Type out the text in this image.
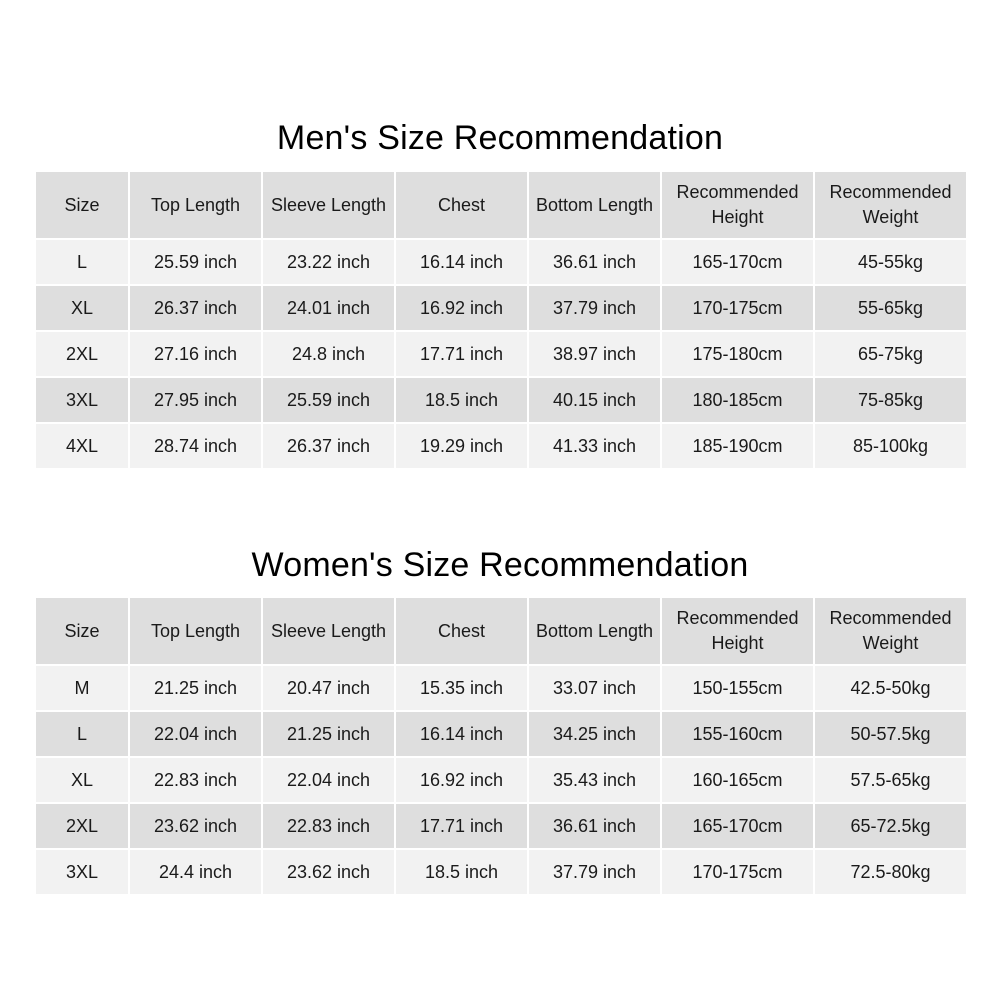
Men's Size Recommendation
Size	Top Length	Sleeve Length	Chest	Bottom Length	Recommended Height	Recommended Weight
L	25.59 inch	23.22 inch	16.14 inch	36.61 inch	165-170cm	45-55kg
XL	26.37 inch	24.01 inch	16.92 inch	37.79 inch	170-175cm	55-65kg
2XL	27.16 inch	24.8 inch	17.71 inch	38.97 inch	175-180cm	65-75kg
3XL	27.95 inch	25.59 inch	18.5 inch	40.15 inch	180-185cm	75-85kg
4XL	28.74 inch	26.37 inch	19.29 inch	41.33 inch	185-190cm	85-100kg
Women's Size Recommendation
Size	Top Length	Sleeve Length	Chest	Bottom Length	Recommended Height	Recommended Weight
M	21.25 inch	20.47 inch	15.35 inch	33.07 inch	150-155cm	42.5-50kg
L	22.04 inch	21.25 inch	16.14 inch	34.25 inch	155-160cm	50-57.5kg
XL	22.83 inch	22.04 inch	16.92 inch	35.43 inch	160-165cm	57.5-65kg
2XL	23.62 inch	22.83 inch	17.71 inch	36.61 inch	165-170cm	65-72.5kg
3XL	24.4 inch	23.62 inch	18.5 inch	37.79 inch	170-175cm	72.5-80kg
